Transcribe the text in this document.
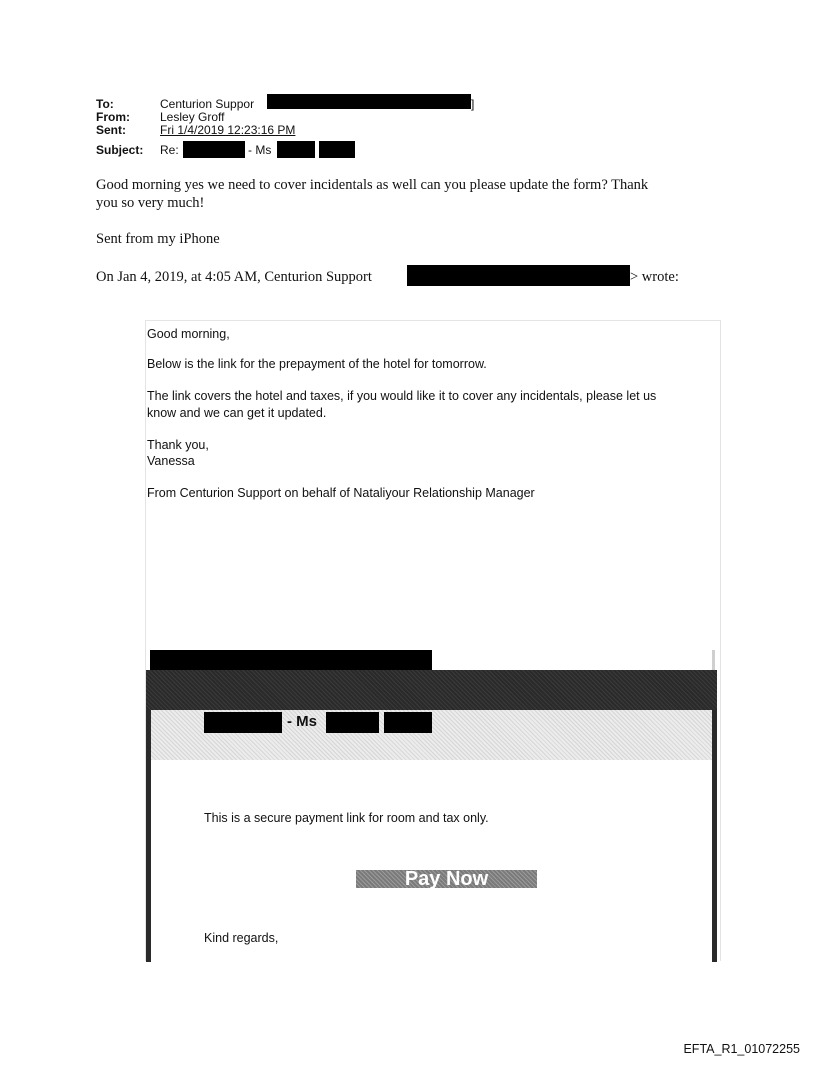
To:	Centurion Suppor	]
From:	Lesley Groff
Sent:	Fri 1/4/2019 12:23:16 PM
Subject: Re:	- Ms
Good morning yes we need to cover incidentals as well can you please update the form? Thank
you so very much!
Sent from my iPhone
On Jan 4, 2019, at 4:05 AM, Centurion Support	> wrote:
Good morning,
Below is the link for the prepayment of the hotel for tomorrow.
The link covers the hotel and taxes, if you would like it to cover any incidentals, please let us
know and we can get it updated.
Thank you,
Vanessa
From Centurion Support on behalf of Nataliyour Relationship Manager
- Ms
This is a secure payment link for room and tax only.
Pay Now
Kind regards,
EFTA_R1_01072255
